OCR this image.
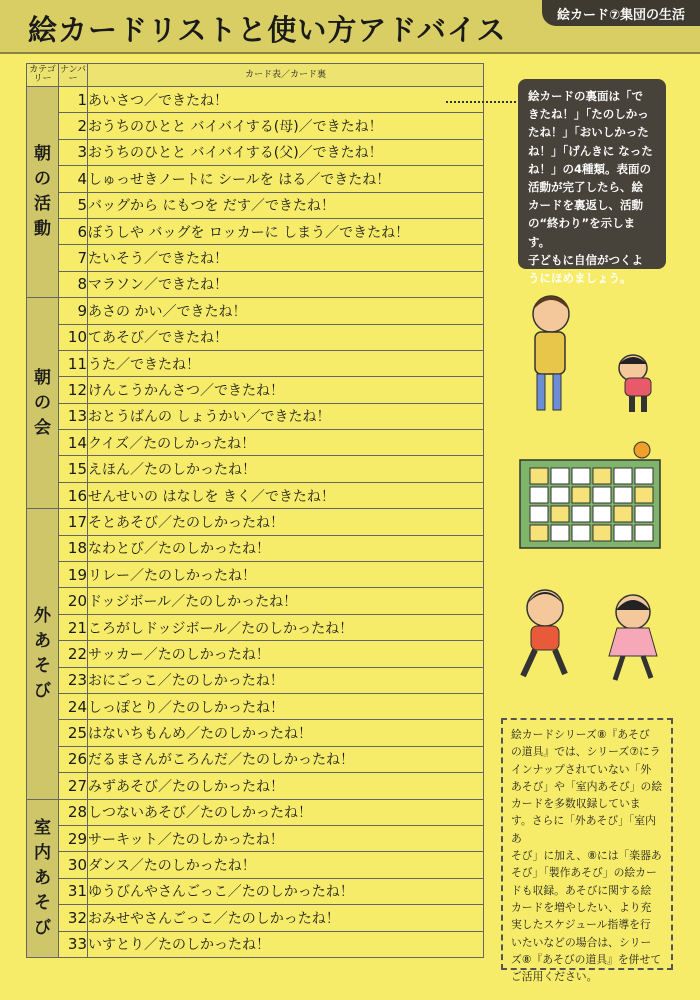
絵カードリストと使い方アドバイス	絵カード⑦集団の生活
カテゴリー	ナンバー	カード表／カード裏

朝
の
活
動	1	あいさつ／できたね！
	2	おうちのひとと バイバイする(母)／できたね！
	3	おうちのひとと バイバイする(父)／できたね！
	4	しゅっせきノートに シールを はる／できたね！
	5	バッグから にもつを だす／できたね！
	6	ぼうしや バッグを ロッカーに しまう／できたね！
	7	たいそう／できたね！
	8	マラソン／できたね！

朝
の
会	9	あさの かい／できたね！
	10	てあそび／できたね！
	11	うた／できたね！
	12	けんこうかんさつ／できたね！
	13	おとうばんの しょうかい／できたね！
	14	クイズ／たのしかったね！
	15	えほん／たのしかったね！
	16	せんせいの はなしを きく／できたね！

外
あ
そ
び	17	そとあそび／たのしかったね！
	18	なわとび／たのしかったね！
	19	リレー／たのしかったね！
	20	ドッジボール／たのしかったね！
	21	ころがしドッジボール／たのしかったね！
	22	サッカー／たのしかったね！
	23	おにごっこ／たのしかったね！
	24	しっぽとり／たのしかったね！
	25	はないちもんめ／たのしかったね！
	26	だるまさんがころんだ／たのしかったね！
	27	みずあそび／たのしかったね！

室
内
あ
そ
び	28	しつないあそび／たのしかったね！
	29	サーキット／たのしかったね！
	30	ダンス／たのしかったね！
	31	ゆうびんやさんごっこ／たのしかったね！
	32	おみせやさんごっこ／たのしかったね！
	33	いすとり／たのしかったね！
絵カードの裏面は「で
きたね！」「たのしかっ
たね！」「おいしかった
ね！」「げんきに なった
ね！」の4種類。表面の
活動が完了したら、絵
カードを裏返し、活動
の“終わり”を示します。
子どもに自信がつくよ
うにほめましょう。
絵カードシリーズ⑧『あそび
の道具』では、シリーズ⑦にラ
インナップされていない「外
あそび」や「室内あそび」の絵
カードを多数収録していま
す。さらに「外あそび」「室内あ
そび」に加え、⑧には「楽器あ
そび」「製作あそび」の絵カー
ドも収録。あそびに関する絵
カードを増やしたい、より充
実したスケジュール指導を行
いたいなどの場合は、シリー
ズ⑧『あそびの道具』を併せて
ご活用ください。
